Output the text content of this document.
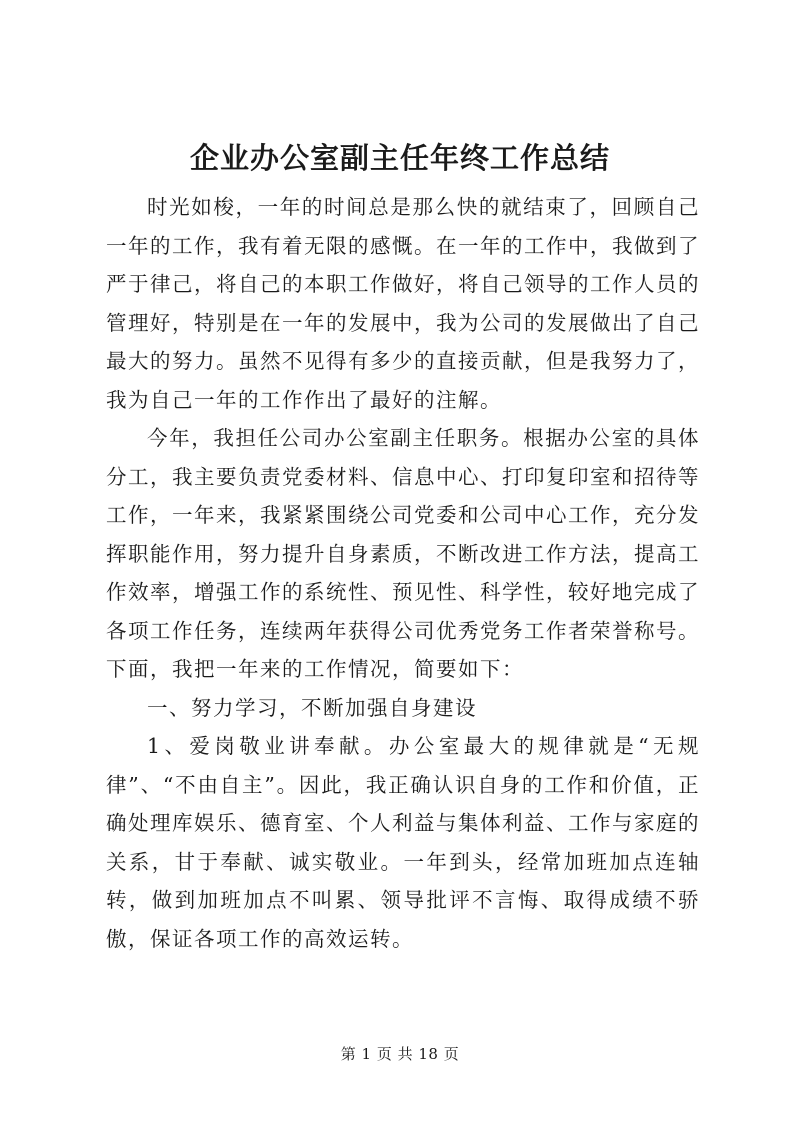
企业办公室副主任年终工作总结

时光如梭，一年的时间总是那么快的就结束了，回顾自己一年的工作，我有着无限的感慨。在一年的工作中，我做到了严于律己，将自己的本职工作做好，将自己领导的工作人员的管理好，特别是在一年的发展中，我为公司的发展做出了自己最大的努力。虽然不见得有多少的直接贡献，但是我努力了，我为自己一年的工作作出了最好的注解。

今年，我担任公司办公室副主任职务。根据办公室的具体分工，我主要负责党委材料、信息中心、打印复印室和招待等工作，一年来，我紧紧围绕公司党委和公司中心工作，充分发挥职能作用，努力提升自身素质，不断改进工作方法，提高工作效率，增强工作的系统性、预见性、科学性，较好地完成了各项工作任务，连续两年获得公司优秀党务工作者荣誉称号。下面，我把一年来的工作情况，简要如下：

一、努力学习，不断加强自身建设

1、爱岗敬业讲奉献。办公室最大的规律就是“无规律”、“不由自主”。因此，我正确认识自身的工作和价值，正确处理库娱乐、德育室、个人利益与集体利益、工作与家庭的关系，甘于奉献、诚实敬业。一年到头，经常加班加点连轴转，做到加班加点不叫累、领导批评不言悔、取得成绩不骄傲，保证各项工作的高效运转。

第 1 页 共 18 页
